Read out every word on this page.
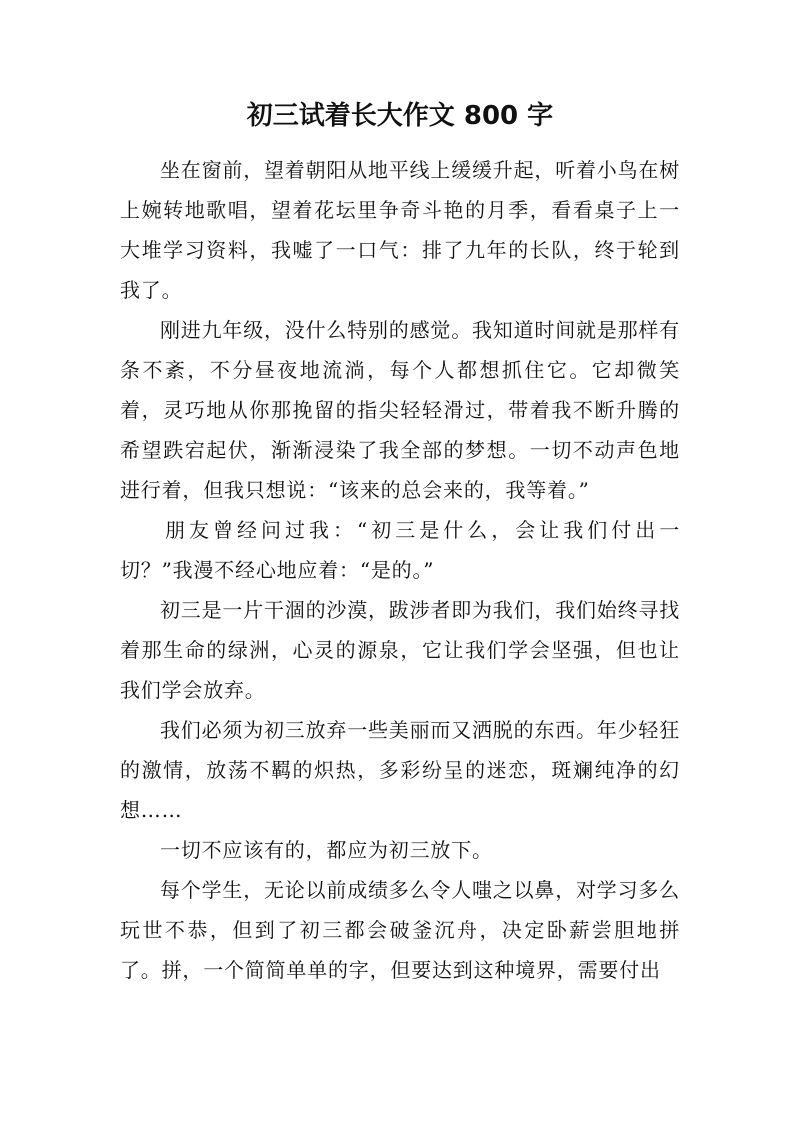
初三试着长大作文 800 字

坐在窗前，望着朝阳从地平线上缓缓升起，听着小鸟在树上婉转地歌唱，望着花坛里争奇斗艳的月季，看看桌子上一大堆学习资料，我嘘了一口气：排了九年的长队，终于轮到我了。

刚进九年级，没什么特别的感觉。我知道时间就是那样有条不紊，不分昼夜地流淌，每个人都想抓住它。它却微笑着，灵巧地从你那挽留的指尖轻轻滑过，带着我不断升腾的希望跌宕起伏，渐渐浸染了我全部的梦想。一切不动声色地进行着，但我只想说：“该来的总会来的，我等着。”

朋友曾经问过我：“初三是什么，会让我们付出一切？”我漫不经心地应着：“是的。”

初三是一片干涸的沙漠，跋涉者即为我们，我们始终寻找着那生命的绿洲，心灵的源泉，它让我们学会坚强，但也让我们学会放弃。

我们必须为初三放弃一些美丽而又洒脱的东西。年少轻狂的激情，放荡不羁的炽热，多彩纷呈的迷恋，斑斓纯净的幻想……

一切不应该有的，都应为初三放下。

每个学生，无论以前成绩多么令人嗤之以鼻，对学习多么玩世不恭，但到了初三都会破釜沉舟，决定卧薪尝胆地拼了。拼，一个简简单单的字，但要达到这种境界，需要付出
